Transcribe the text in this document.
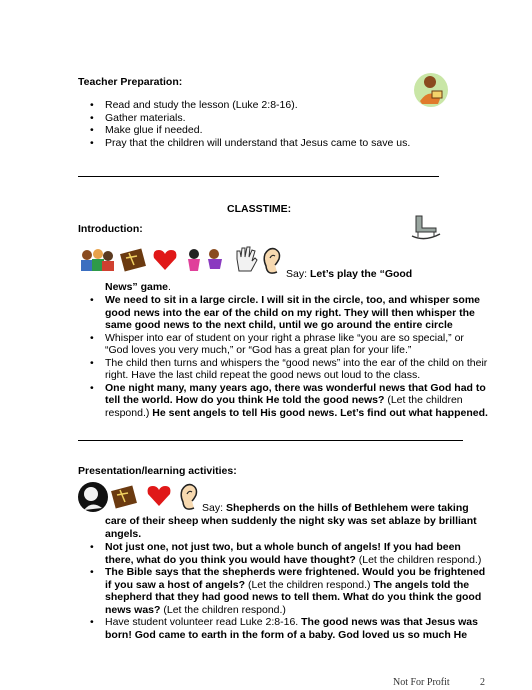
Teacher Preparation:
• Read and study the lesson (Luke 2:8-16).
• Gather materials.
• Make glue if needed.
• Pray that the children will understand that Jesus came to save us.
CLASSTIME:
Introduction:
Say: Let’s play the “Good
News” game.
• We need to sit in a large circle. I will sit in the circle, too, and whisper some good news into the ear of the child on my right. They will then whisper the same good news to the next child, until we go around the entire circle
• Whisper into ear of student on your right a phrase like “you are so special,” or “God loves you very much,” or “God has a great plan for your life.”
• The child then turns and whispers the “good news” into the ear of the child on their right. Have the last child repeat the good news out loud to the class.
• One night many, many years ago, there was wonderful news that God had to tell the world. How do you think He told the good news? (Let the children respond.) He sent angels to tell His good news. Let’s find out what happened.
Presentation/learning activities:
Say: Shepherds on the hills of Bethlehem were taking
care of their sheep when suddenly the night sky was set ablaze by brilliant angels.
• Not just one, not just two, but a whole bunch of angels! If you had been there, what do you think you would have thought? (Let the children respond.)
• The Bible says that the shepherds were frightened. Would you be frightened if you saw a host of angels? (Let the children respond.) The angels told the shepherd that they had good news to tell them. What do you think the good news was? (Let the children respond.)
• Have student volunteer read Luke 2:8-16. The good news was that Jesus was born! God came to earth in the form of a baby. God loved us so much He
Not For Profit	2
